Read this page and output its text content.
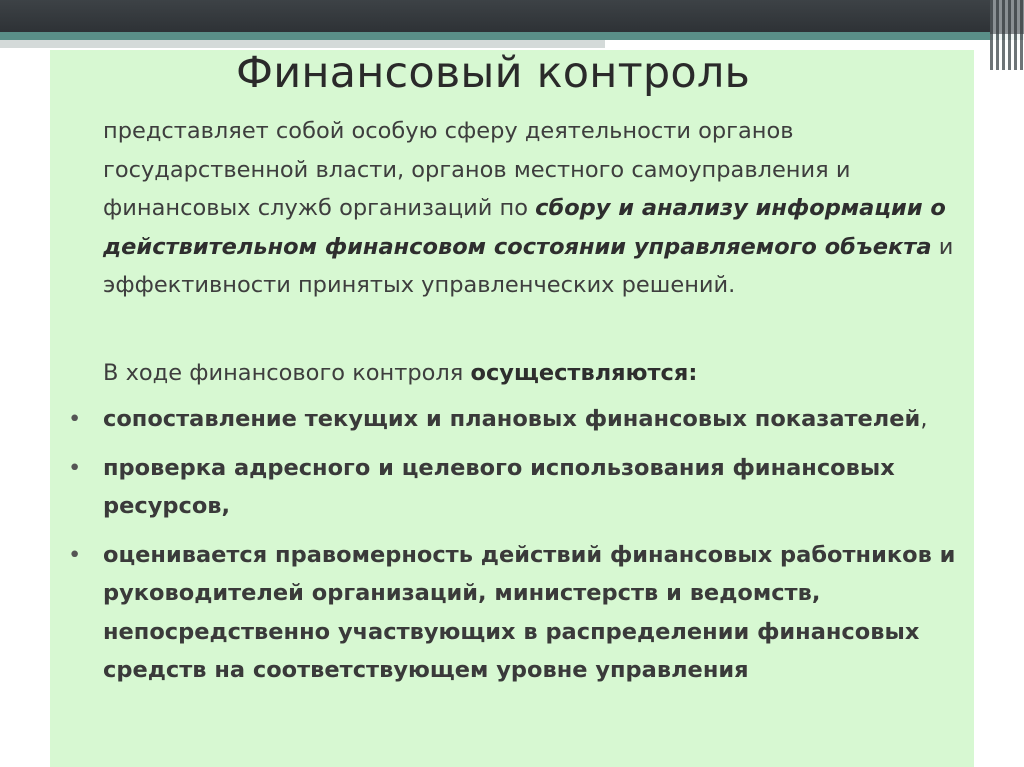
Финансовый контроль
представляет собой особую сферу деятельности органов государственной власти, органов местного самоуправления и финансовых служб организаций по сбору и анализу информации о действительном финансовом состоянии управляемого объекта и эффективности принятых управленческих решений.
В ходе финансового контроля осуществляются:
• сопоставление текущих и плановых финансовых показателей,
• проверка адресного и целевого использования финансовых ресурсов,
• оценивается правомерность действий финансовых работников и руководителей организаций, министерств и ведомств, непосредственно участвующих в распределении финансовых средств на соответствующем уровне управления
